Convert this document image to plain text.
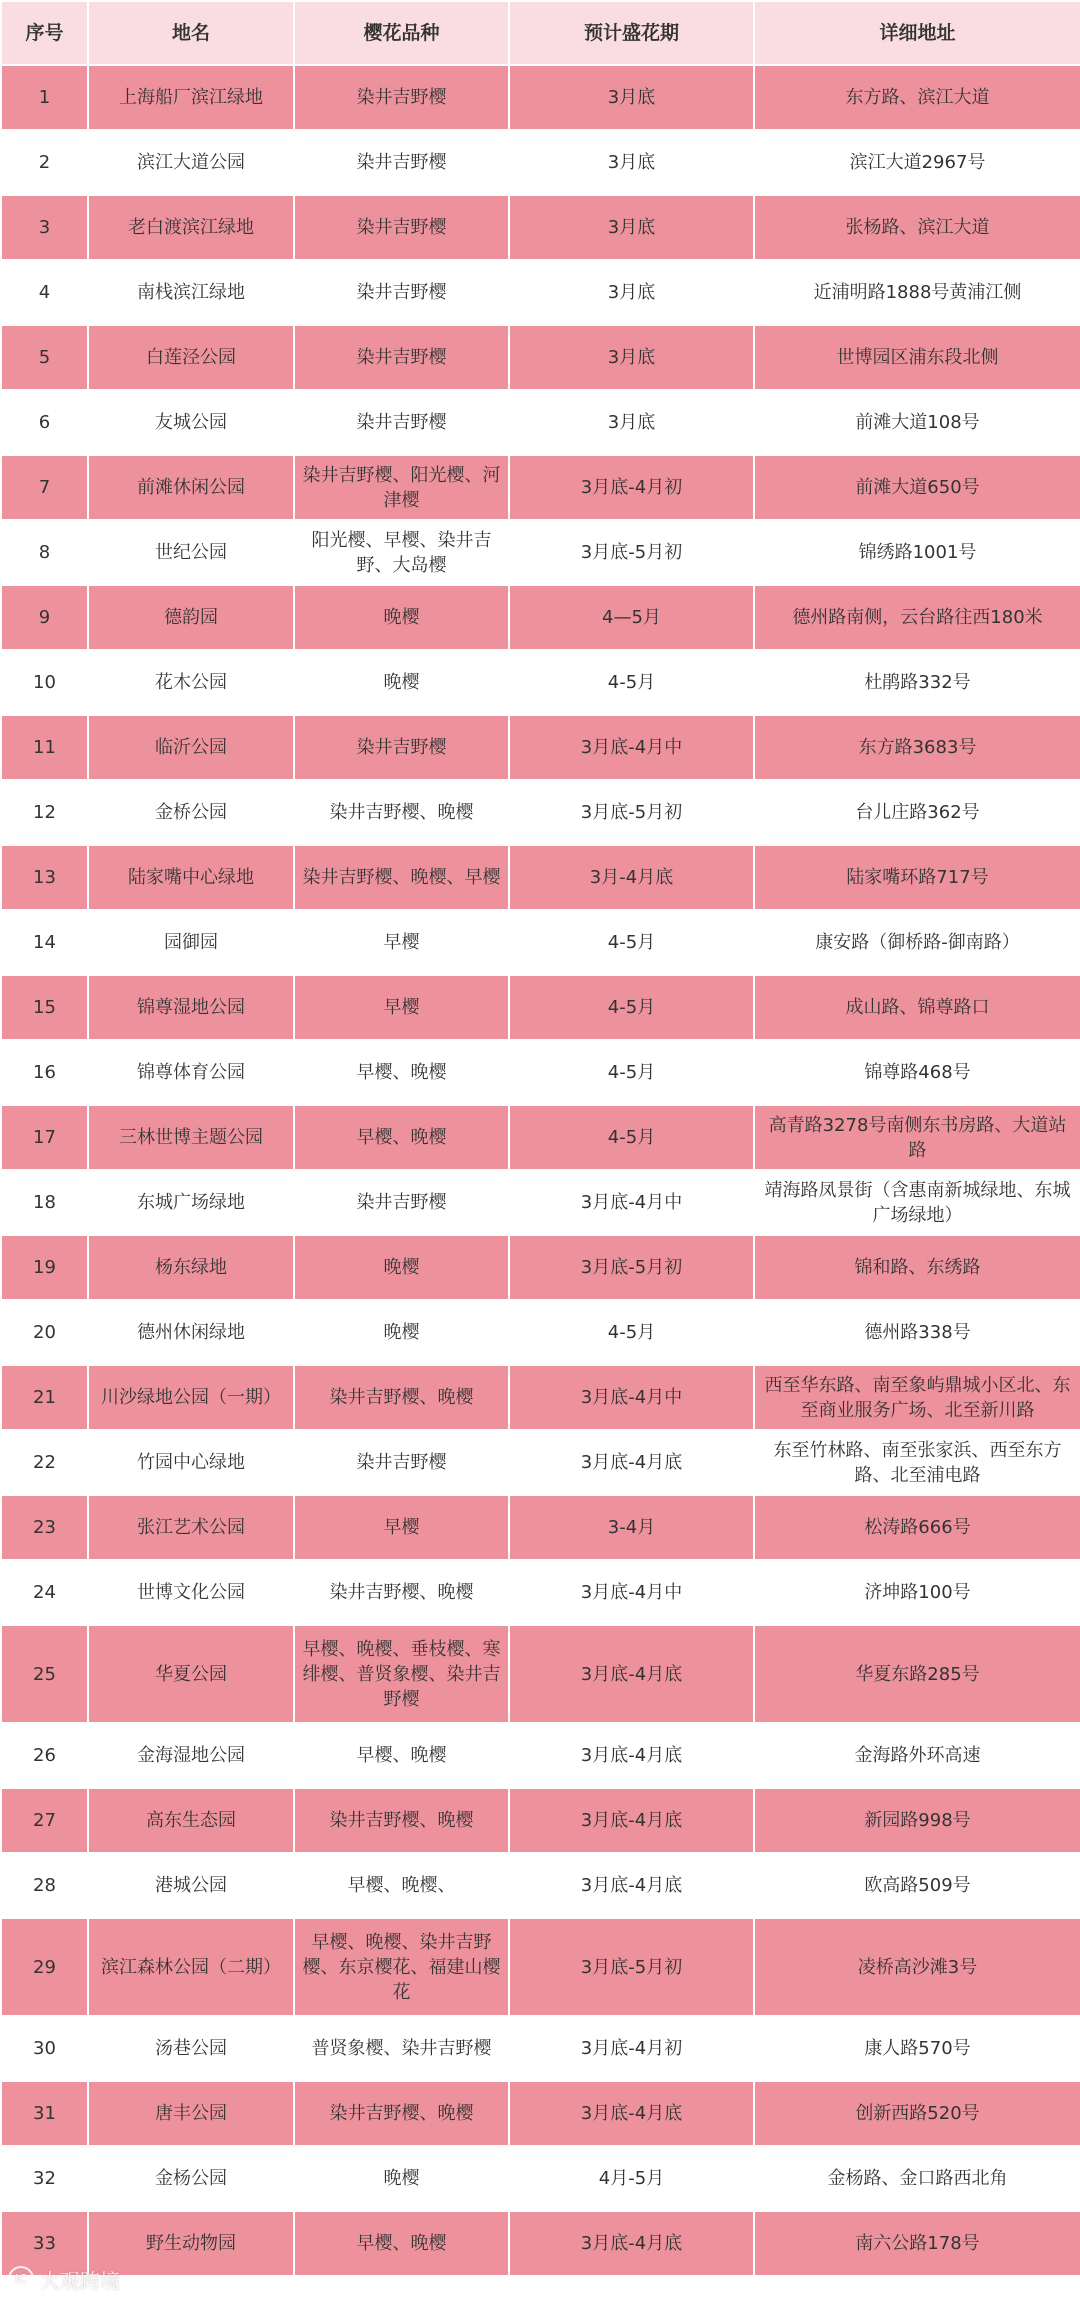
序号	地名	樱花品种	预计盛花期	详细地址
1	上海船厂滨江绿地	染井吉野樱	3月底	东方路、滨江大道
2	滨江大道公园	染井吉野樱	3月底	滨江大道2967号
3	老白渡滨江绿地	染井吉野樱	3月底	张杨路、滨江大道
4	南栈滨江绿地	染井吉野樱	3月底	近浦明路1888号黄浦江侧
5	白莲泾公园	染井吉野樱	3月底	世博园区浦东段北侧
6	友城公园	染井吉野樱	3月底	前滩大道108号
7	前滩休闲公园	染井吉野樱、阳光樱、河津樱	3月底-4月初	前滩大道650号
8	世纪公园	阳光樱、早樱、染井吉野、大岛樱	3月底-5月初	锦绣路1001号
9	德韵园	晚樱	4—5月	德州路南侧，云台路往西180米
10	花木公园	晚樱	4-5月	杜鹃路332号
11	临沂公园	染井吉野樱	3月底-4月中	东方路3683号
12	金桥公园	染井吉野樱、晚樱	3月底-5月初	台儿庄路362号
13	陆家嘴中心绿地	染井吉野樱、晚樱、早樱	3月-4月底	陆家嘴环路717号
14	园御园	早樱	4-5月	康安路（御桥路-御南路）
15	锦尊湿地公园	早樱	4-5月	成山路、锦尊路口
16	锦尊体育公园	早樱、晚樱	4-5月	锦尊路468号
17	三林世博主题公园	早樱、晚樱	4-5月	高青路3278号南侧东书房路、大道站路
18	东城广场绿地	染井吉野樱	3月底-4月中	靖海路凤景街（含惠南新城绿地、东城广场绿地）
19	杨东绿地	晚樱	3月底-5月初	锦和路、东绣路
20	德州休闲绿地	晚樱	4-5月	德州路338号
21	川沙绿地公园（一期）	染井吉野樱、晚樱	3月底-4月中	西至华东路、南至象屿鼎城小区北、东至商业服务广场、北至新川路
22	竹园中心绿地	染井吉野樱	3月底-4月底	东至竹林路、南至张家浜、西至东方路、北至浦电路
23	张江艺术公园	早樱	3-4月	松涛路666号
24	世博文化公园	染井吉野樱、晚樱	3月底-4月中	济坤路100号
25	华夏公园	早樱、晚樱、垂枝樱、寒绯樱、普贤象樱、染井吉野樱	3月底-4月底	华夏东路285号
26	金海湿地公园	早樱、晚樱	3月底-4月底	金海路外环高速
27	高东生态园	染井吉野樱、晚樱	3月底-4月底	新园路998号
28	港城公园	早樱、晚樱、	3月底-4月底	欧高路509号
29	滨江森林公园（二期）	早樱、晚樱、染井吉野樱、东京樱花、福建山樱花	3月底-5月初	凌桥高沙滩3号
30	汤巷公园	普贤象樱、染井吉野樱	3月底-4月初	康人路570号
31	唐丰公园	染井吉野樱、晚樱	3月底-4月底	创新西路520号
32	金杨公园	晚樱	4月-5月	金杨路、金口路西北角
33	野生动物园	早樱、晚樱	3月底-4月底	南六公路178号
IC 大观跨境
